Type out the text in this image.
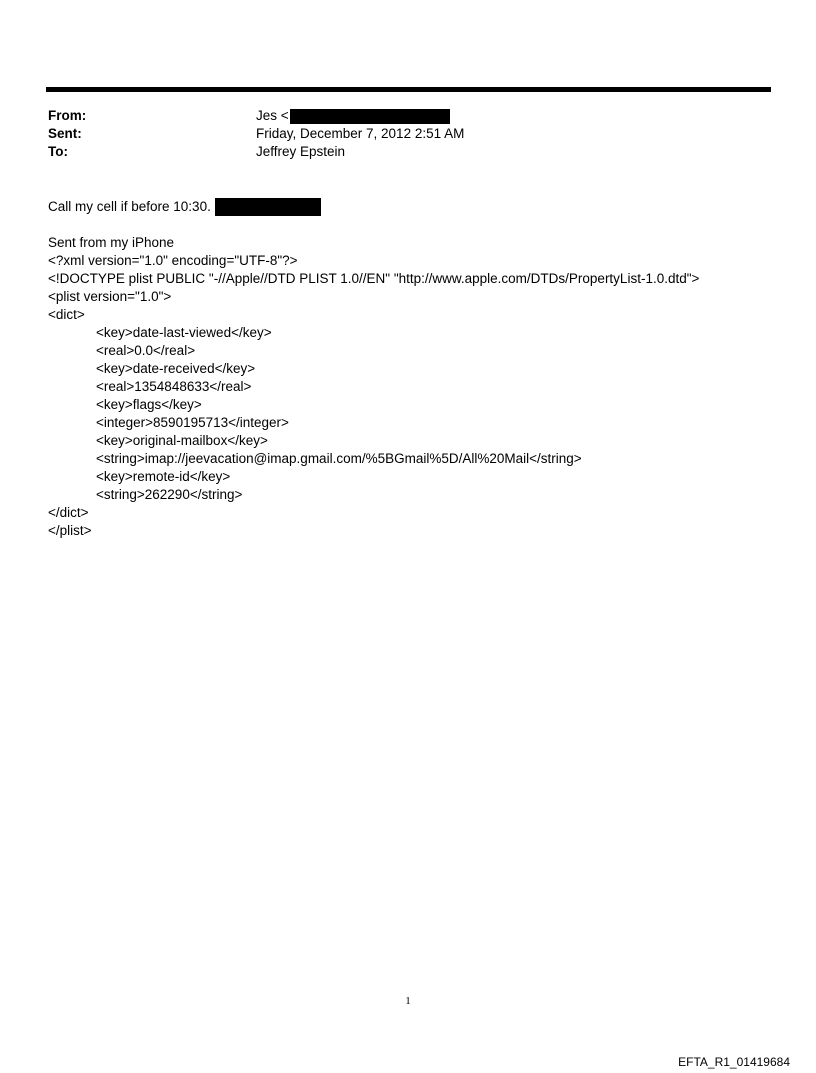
From:	Jes <
Sent:	Friday, December 7, 2012 2:51 AM
To:	Jeffrey Epstein
Call my cell if before 10:30.
Sent from my iPhone
<?xml version="1.0" encoding="UTF-8"?>
<!DOCTYPE plist PUBLIC "-//Apple//DTD PLIST 1.0//EN" "http://www.apple.com/DTDs/PropertyList-1.0.dtd">
<plist version="1.0">
<dict>
<key>date-last-viewed</key>
<real>0.0</real>
<key>date-received</key>
<real>1354848633</real>
<key>flags</key>
<integer>8590195713</integer>
<key>original-mailbox</key>
<string>imap://jeevacation@imap.gmail.com/%5BGmail%5D/All%20Mail</string>
<key>remote-id</key>
<string>262290</string>
</dict>
</plist>
1
EFTA_R1_01419684
